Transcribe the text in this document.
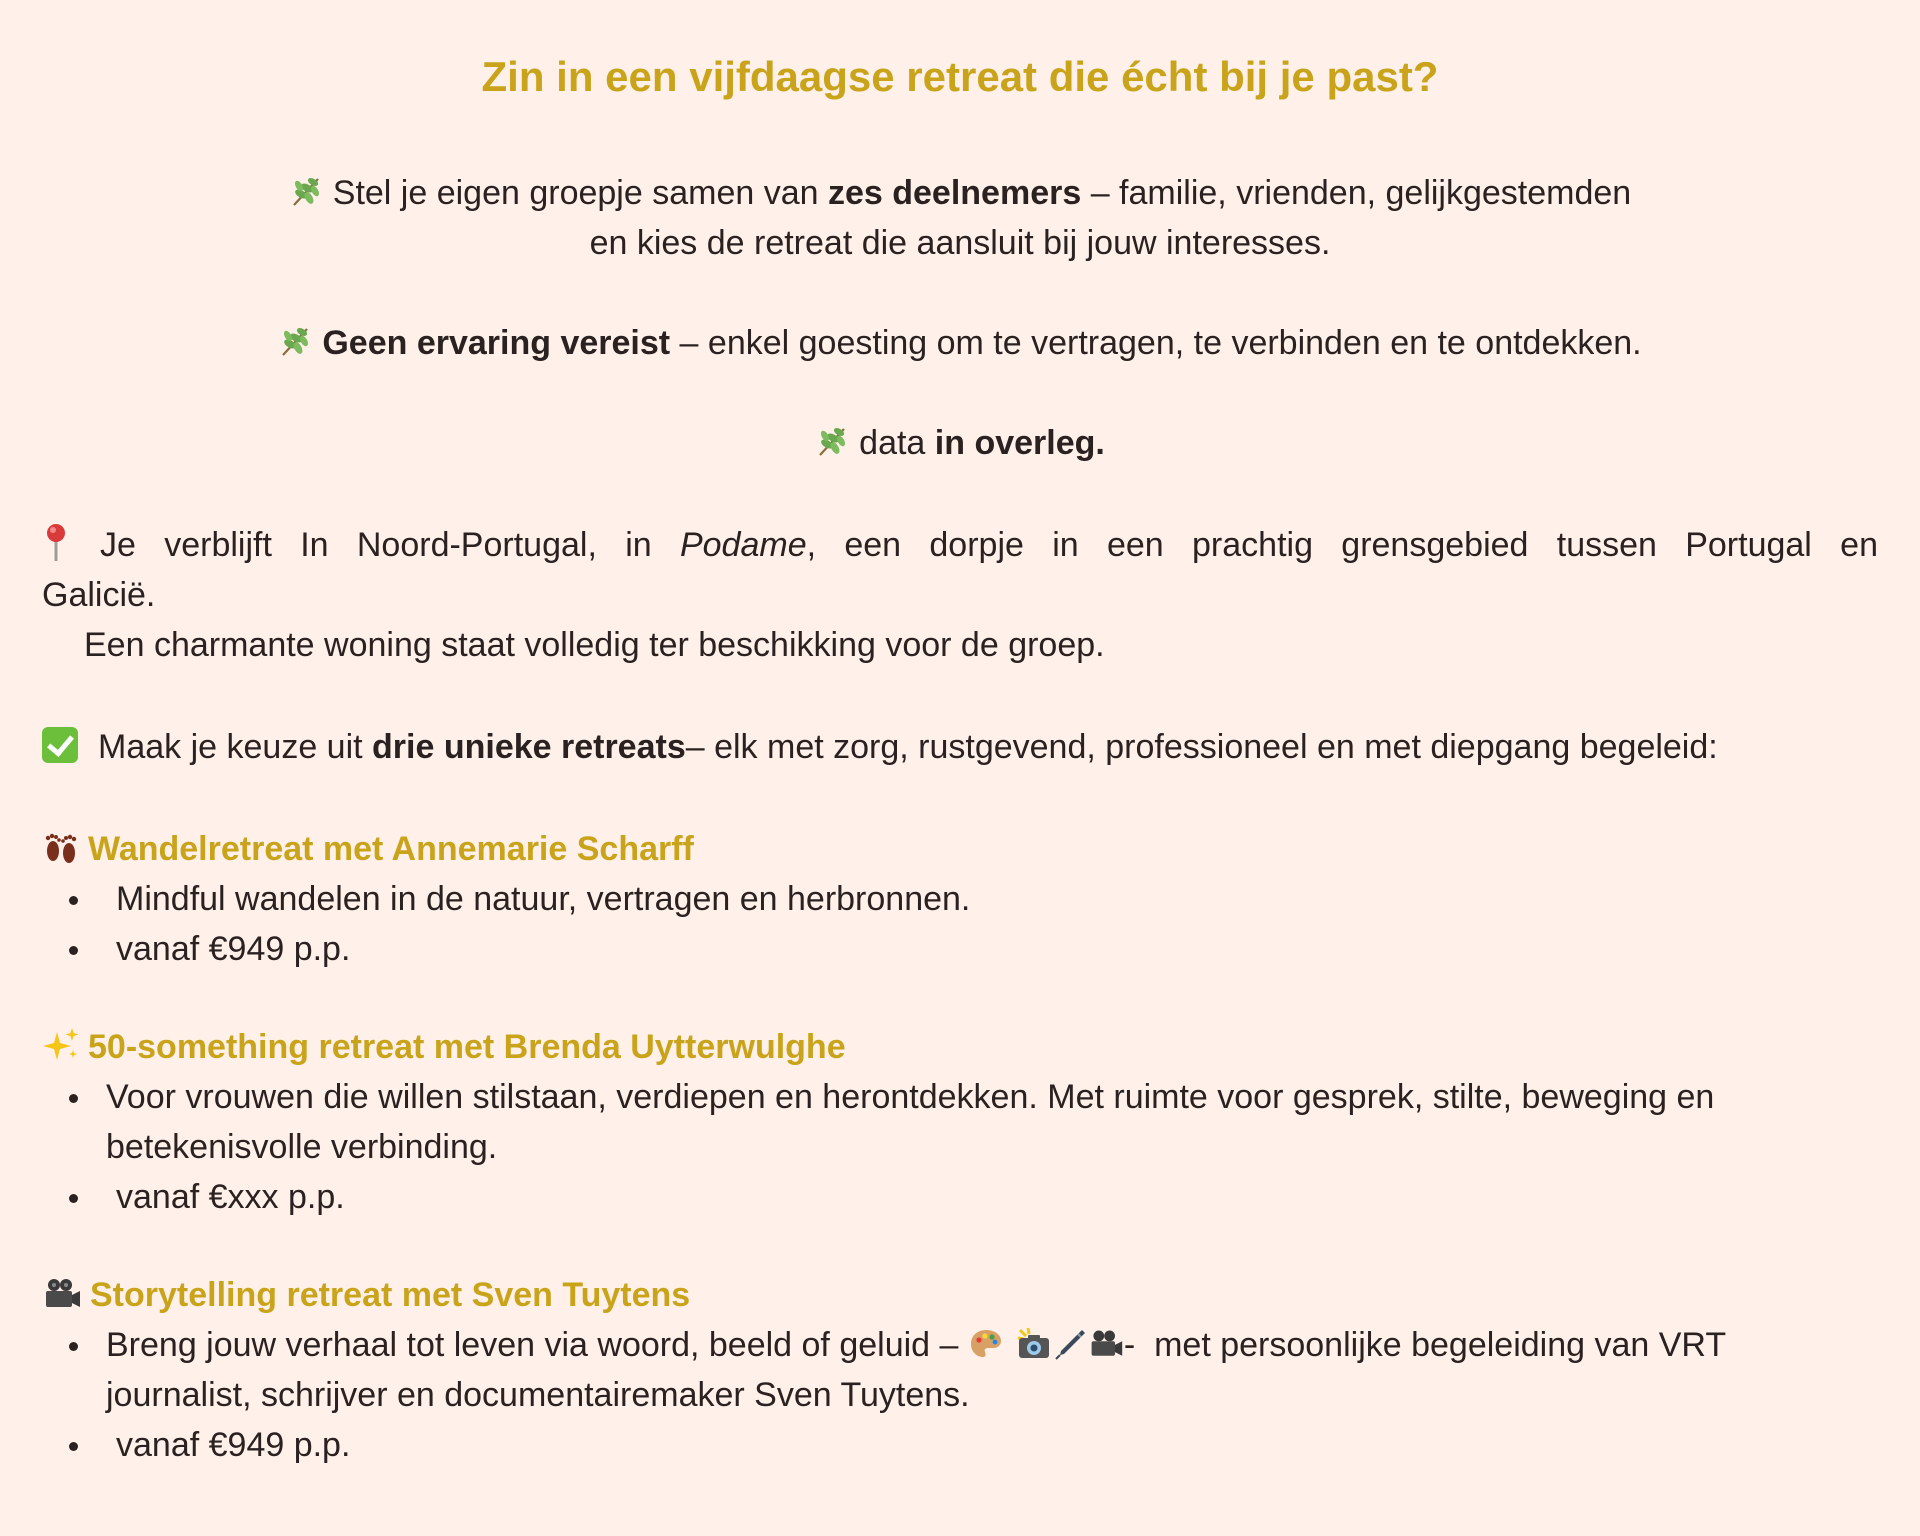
Zin in een vijfdaagse retreat die écht bij je past?
Stel je eigen groepje samen van zes deelnemers – familie, vrienden, gelijkgestemden
en kies de retreat die aansluit bij jouw interesses.
Geen ervaring vereist – enkel goesting om te vertragen, te verbinden en te ontdekken.
data in overleg.
Je verblijft In Noord-Portugal, in Podame, een dorpje in een prachtig grensgebied tussen Portugal en
Galicië.

Een charmante woning staat volledig ter beschikking voor de groep.
Maak je keuze uit drie unieke retreats– elk met zorg, rustgevend, professioneel en met diepgang begeleid:
Wandelretreat met Annemarie Scharff
Mindful wandelen in de natuur, vertragen en herbronnen.
vanaf €949 p.p.
50-something retreat met Brenda Uytterwulghe
Voor vrouwen die willen stilstaan, verdiepen en herontdekken. Met ruimte voor gesprek, stilte, beweging en
betekenisvolle verbinding.
vanaf €xxx p.p.
Storytelling retreat met Sven Tuytens
Breng jouw verhaal tot leven via woord, beeld of geluid –	-  met persoonlijke begeleiding van VRT
journalist, schrijver en documentairemaker Sven Tuytens.
vanaf €949 p.p.
